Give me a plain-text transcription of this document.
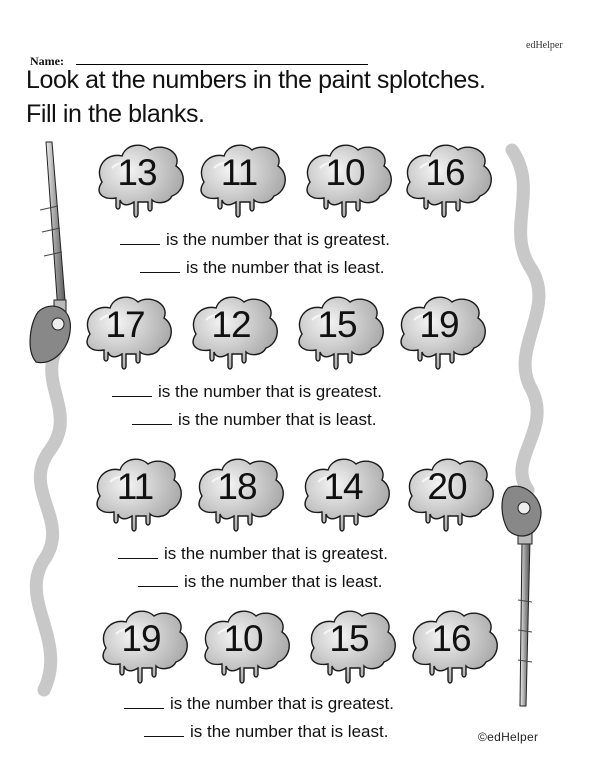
edHelper
Name:
Look at the numbers in the paint splotches.
Fill in the blanks.
13	11	10	16
is the number that is greatest.
is the number that is least.
17	12	15	19
is the number that is greatest.
is the number that is least.
11	18	14	20
is the number that is greatest.
is the number that is least.
19	10	15	16
is the number that is greatest.
is the number that is least.	©edHelper
